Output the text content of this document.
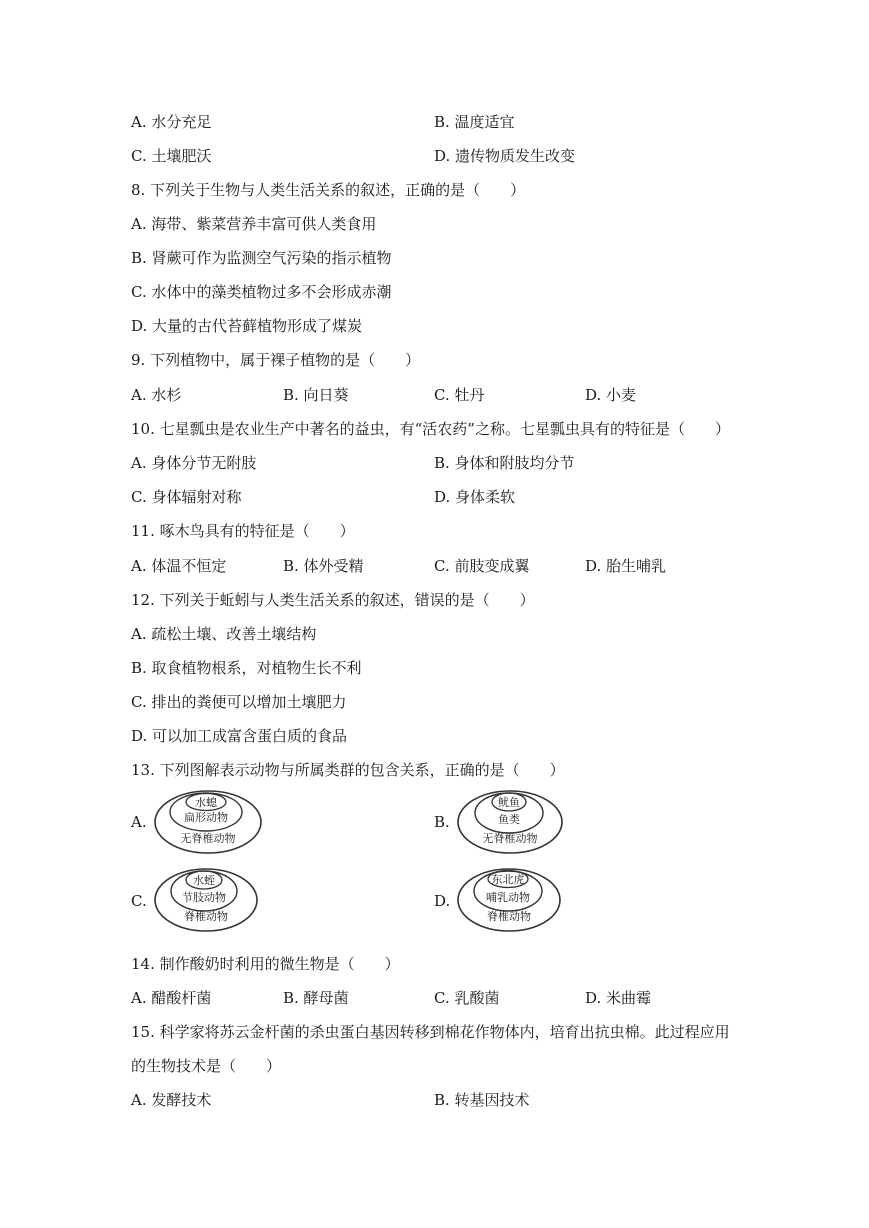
A. 水分充足	B. 温度适宜
C. 土壤肥沃	D. 遗传物质发生改变
8. 下列关于生物与人类生活关系的叙述，正确的是（　　）
A. 海带、紫菜营养丰富可供人类食用
B. 肾蕨可作为监测空气污染的指示植物
C. 水体中的藻类植物过多不会形成赤潮
D. 大量的古代苔藓植物形成了煤炭
9. 下列植物中，属于裸子植物的是（　　）
A. 水杉	B. 向日葵	C. 牡丹	D. 小麦
10. 七星瓢虫是农业生产中著名的益虫，有“活农药”之称。七星瓢虫具有的特征是（　　）
A. 身体分节无附肢	B. 身体和附肢均分节
C. 身体辐射对称	D. 身体柔软
11. 啄木鸟具有的特征是（　　）
A. 体温不恒定	B. 体外受精	C. 前肢变成翼	D. 胎生哺乳
12. 下列关于蚯蚓与人类生活关系的叙述，错误的是（　　）
A. 疏松土壤、改善土壤结构
B. 取食植物根系，对植物生长不利
C. 排出的粪便可以增加土壤肥力
D. 可以加工成富含蛋白质的食品
13. 下列图解表示动物与所属类群的包含关系，正确的是（　　）
A.
水螅
扁形动物
无脊椎动物
B.
鱿鱼
鱼类
无脊椎动物
C.
水蛭
节肢动物
脊椎动物
D.
东北虎
哺乳动物
脊椎动物
14. 制作酸奶时利用的微生物是（　　）
A. 醋酸杆菌	B. 酵母菌	C. 乳酸菌	D. 米曲霉
15. 科学家将苏云金杆菌的杀虫蛋白基因转移到棉花作物体内，培育出抗虫棉。此过程应用
的生物技术是（　　）
A. 发酵技术	B. 转基因技术
